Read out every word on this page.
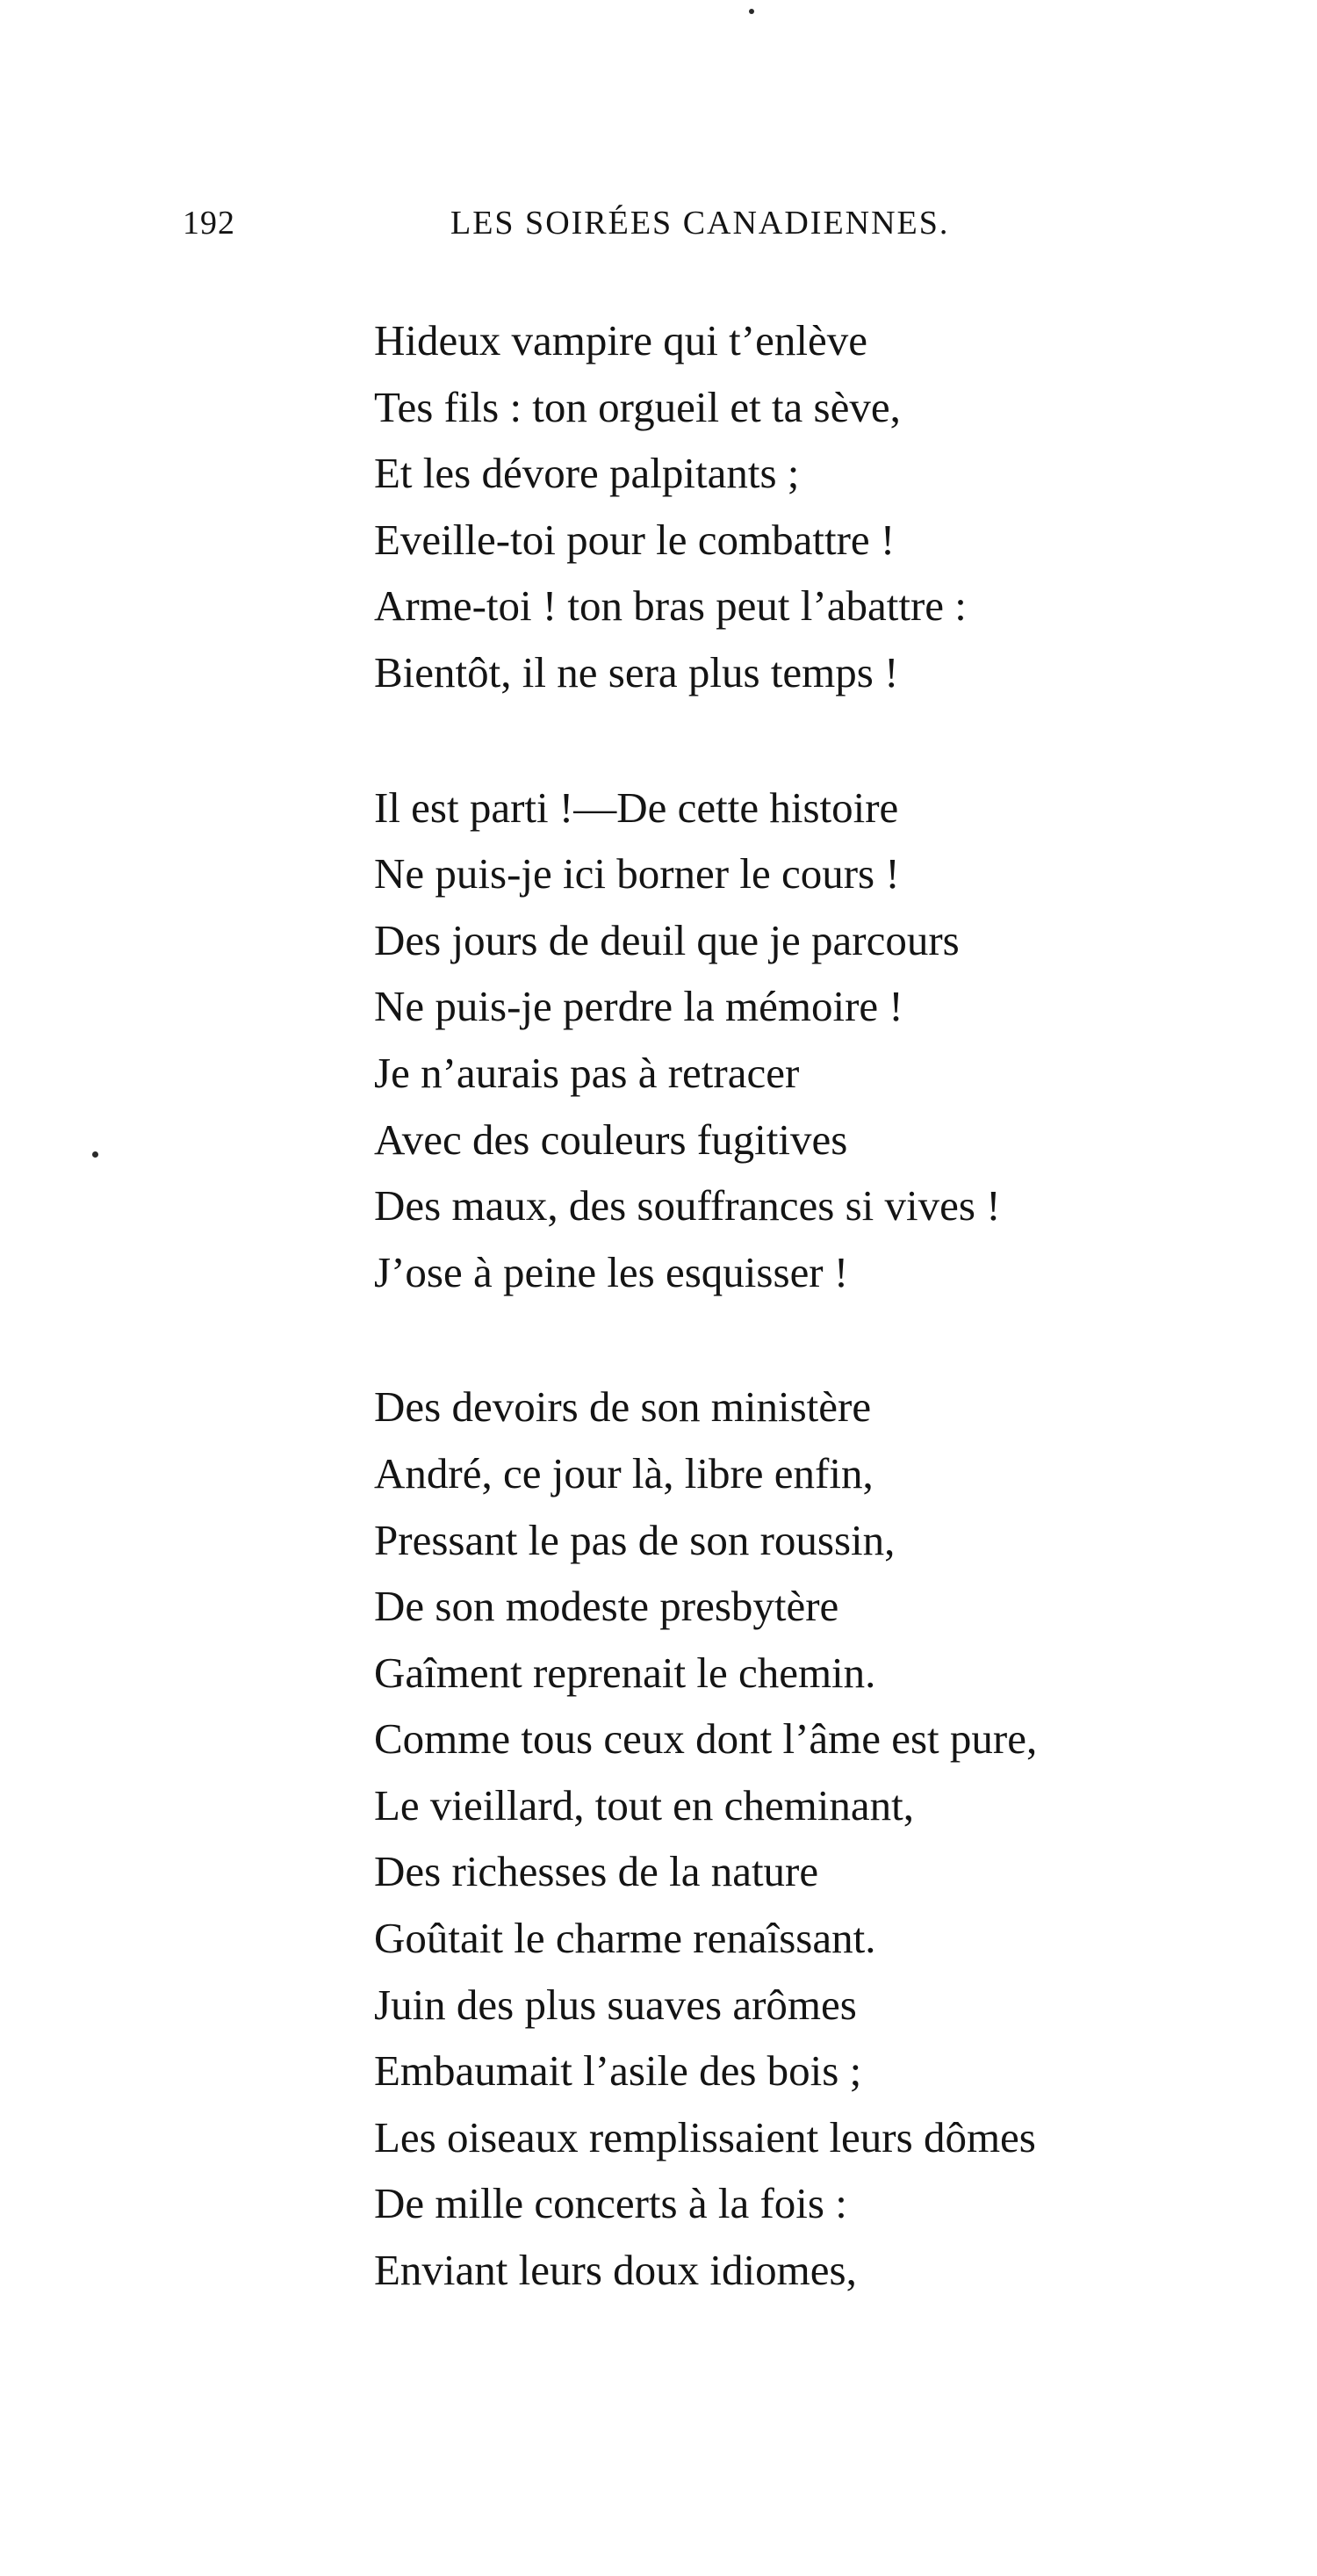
192	LES SOIRÉES CANADIENNES.
Hideux vampire qui t’enlève
Tes fils : ton orgueil et ta sève,
Et les dévore palpitants ;
Eveille-toi pour le combattre !
Arme-toi ! ton bras peut l’abattre :
Bientôt, il ne sera plus temps !
Il est parti !—De cette histoire
Ne puis-je ici borner le cours !
Des jours de deuil que je parcours
Ne puis-je perdre la mémoire !
Je n’aurais pas à retracer
Avec des couleurs fugitives
Des maux, des souffrances si vives !
J’ose à peine les esquisser !
Des devoirs de son ministère
André, ce jour là, libre enfin,
Pressant le pas de son roussin,
De son modeste presbytère
Gaîment reprenait le chemin.
Comme tous ceux dont l’âme est pure,
Le vieillard, tout en cheminant,
Des richesses de la nature
Goûtait le charme renaîssant.
Juin des plus suaves arômes
Embaumait l’asile des bois ;
Les oiseaux remplissaient leurs dômes
De mille concerts à la fois :
Enviant leurs doux idiomes,
